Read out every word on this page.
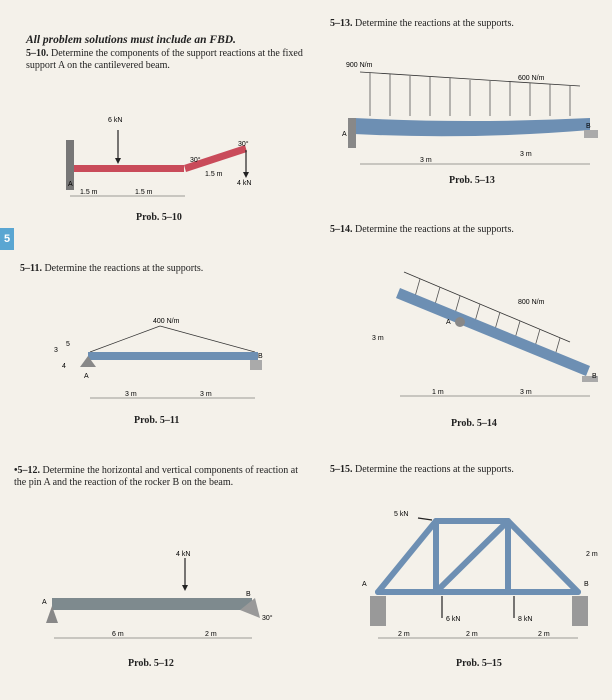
5
All problem solutions must include an FBD.
5–10. Determine the components of the support reactions at the fixed support A on the cantilevered beam.
6 kN
4 kN
A
30°
30°
1.5 m
1.5 m	1.5 m
Prob. 5–10
5–11. Determine the reactions at the supports.
400 N/m
A
B
3 m	3 m
3
4
5
Prob. 5–11
•5–12. Determine the horizontal and vertical components of reaction at the pin A and the reaction of the rocker B on the beam.
4 kN
A
B
30°
6 m	2 m
Prob. 5–12
5–13. Determine the reactions at the supports.
900 N/m
600 N/m
A
B
3 m
3 m
Prob. 5–13
5–14. Determine the reactions at the supports.
800 N/m
A
B
3 m
1 m	3 m
Prob. 5–14
5–15. Determine the reactions at the supports.
5 kN
6 kN	8 kN
A	B
2 m
2 m	2 m	2 m
Prob. 5–15
